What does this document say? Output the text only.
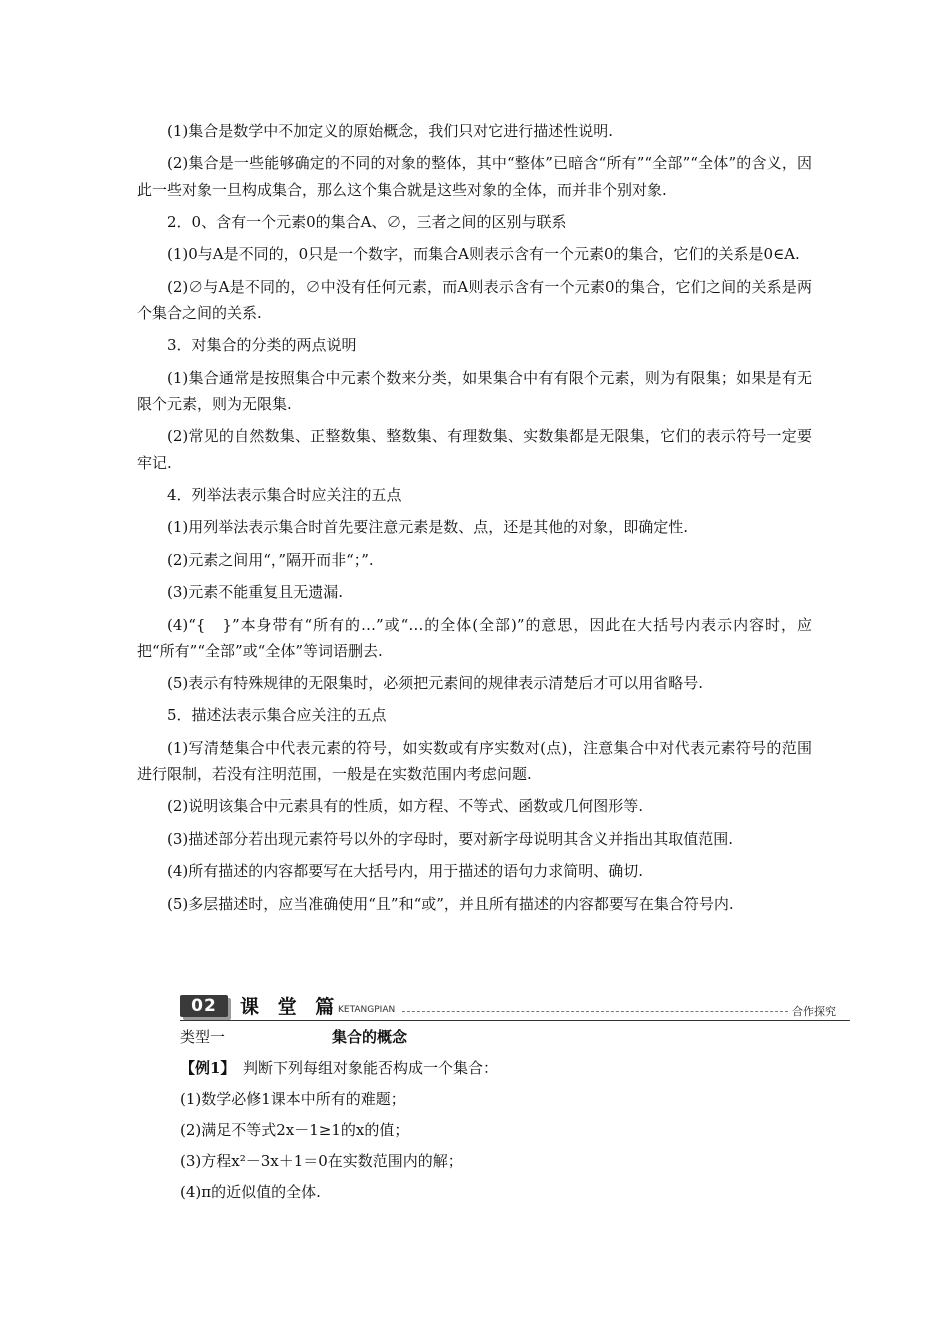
(1)集合是数学中不加定义的原始概念，我们只对它进行描述性说明.

(2)集合是一些能够确定的不同的对象的整体，其中“整体”已暗含“所有”“全部”“全体”的含义，因此一些对象一旦构成集合，那么这个集合就是这些对象的全体，而并非个别对象.

2．0、含有一个元素0的集合A、∅，三者之间的区别与联系

(1)0与A是不同的，0只是一个数字，而集合A则表示含有一个元素0的集合，它们的关系是0∈A.

(2)∅与A是不同的，∅中没有任何元素，而A则表示含有一个元素0的集合，它们之间的关系是两个集合之间的关系.

3．对集合的分类的两点说明

(1)集合通常是按照集合中元素个数来分类，如果集合中有有限个元素，则为有限集；如果是有无限个元素，则为无限集.

(2)常见的自然数集、正整数集、整数集、有理数集、实数集都是无限集，它们的表示符号一定要牢记.

4．列举法表示集合时应关注的五点

(1)用列举法表示集合时首先要注意元素是数、点，还是其他的对象，即确定性.

(2)元素之间用“，”隔开而非“；”.

(3)元素不能重复且无遗漏.

(4)“{　}”本身带有“所有的…”或“…的全体(全部)”的意思，因此在大括号内表示内容时，应把“所有”“全部”或“全体”等词语删去.

(5)表示有特殊规律的无限集时，必须把元素间的规律表示清楚后才可以用省略号.

5．描述法表示集合应关注的五点

(1)写清楚集合中代表元素的符号，如实数或有序实数对(点)，注意集合中对代表元素符号的范围进行限制，若没有注明范围，一般是在实数范围内考虑问题.

(2)说明该集合中元素具有的性质，如方程、不等式、函数或几何图形等.

(3)描述部分若出现元素符号以外的字母时，要对新字母说明其含义并指出其取值范围.

(4)所有描述的内容都要写在大括号内，用于描述的语句力求简明、确切.

(5)多层描述时，应当准确使用“且”和“或”，并且所有描述的内容都要写在集合符号内.

02	课 堂 篇
KETANGPIAN	合作探究
类型一	集合的概念
【例1】　判断下列每组对象能否构成一个集合：
(1)数学必修1课本中所有的难题；
(2)满足不等式2x－1≥1的x的值；
(3)方程x²－3x＋1＝0在实数范围内的解；
(4)π的近似值的全体.
